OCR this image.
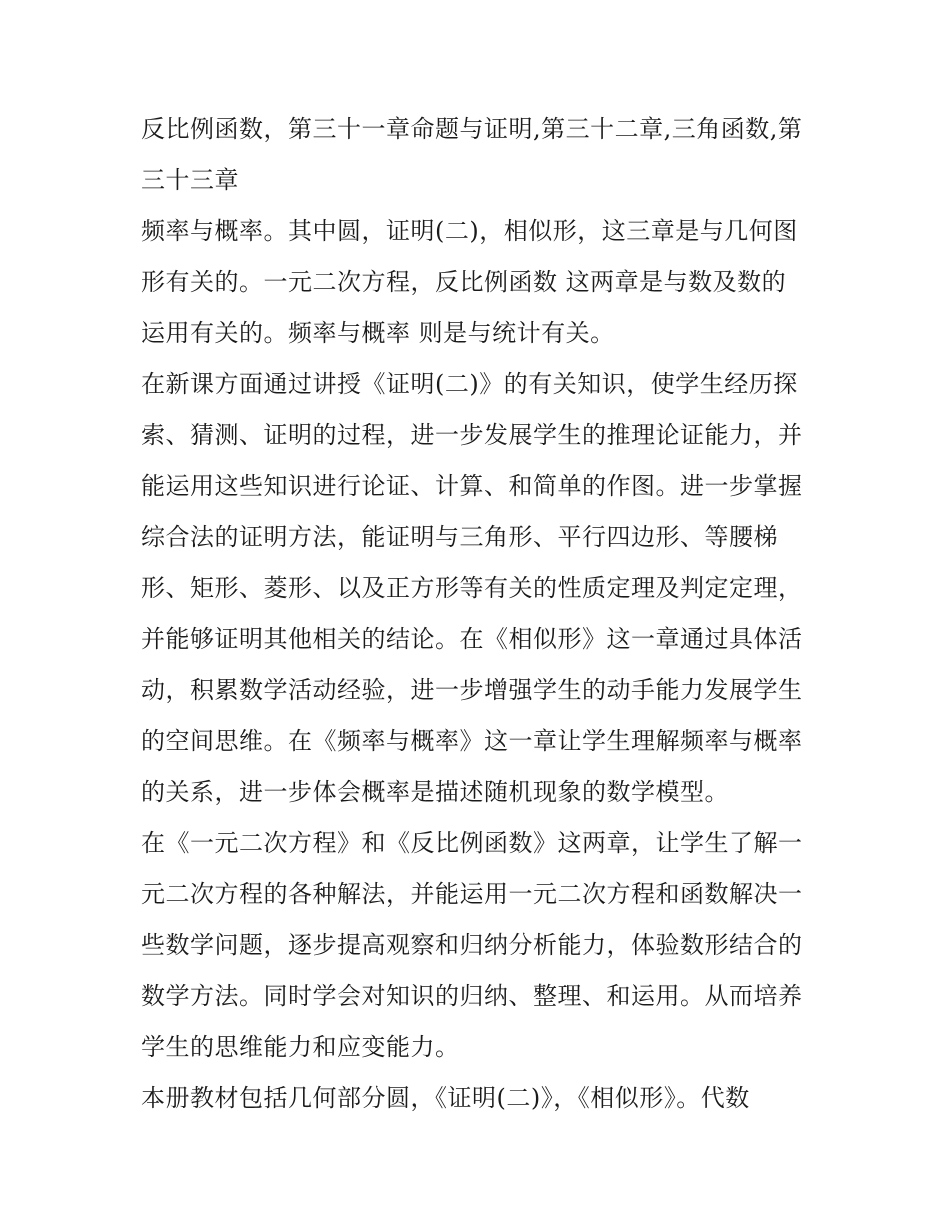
反比例函数，第三十一章命题与证明,第三十二章,三角函数,第
三十三章
频率与概率。其中圆，证明(二)，相似形，这三章是与几何图
形有关的。一元二次方程，反比例函数 这两章是与数及数的
运用有关的。频率与概率 则是与统计有关。
在新课方面通过讲授《证明(二)》的有关知识，使学生经历探
索、猜测、证明的过程，进一步发展学生的推理论证能力，并
能运用这些知识进行论证、计算、和简单的作图。进一步掌握
综合法的证明方法，能证明与三角形、平行四边形、等腰梯
形、矩形、菱形、以及正方形等有关的性质定理及判定定理，
并能够证明其他相关的结论。在《相似形》这一章通过具体活
动，积累数学活动经验，进一步增强学生的动手能力发展学生
的空间思维。在《频率与概率》这一章让学生理解频率与概率
的关系，进一步体会概率是描述随机现象的数学模型。
在《一元二次方程》和《反比例函数》这两章，让学生了解一
元二次方程的各种解法，并能运用一元二次方程和函数解决一
些数学问题，逐步提高观察和归纳分析能力，体验数形结合的
数学方法。同时学会对知识的归纳、整理、和运用。从而培养
学生的思维能力和应变能力。
本册教材包括几何部分圆，《证明(二)》，《相似形》。代数
